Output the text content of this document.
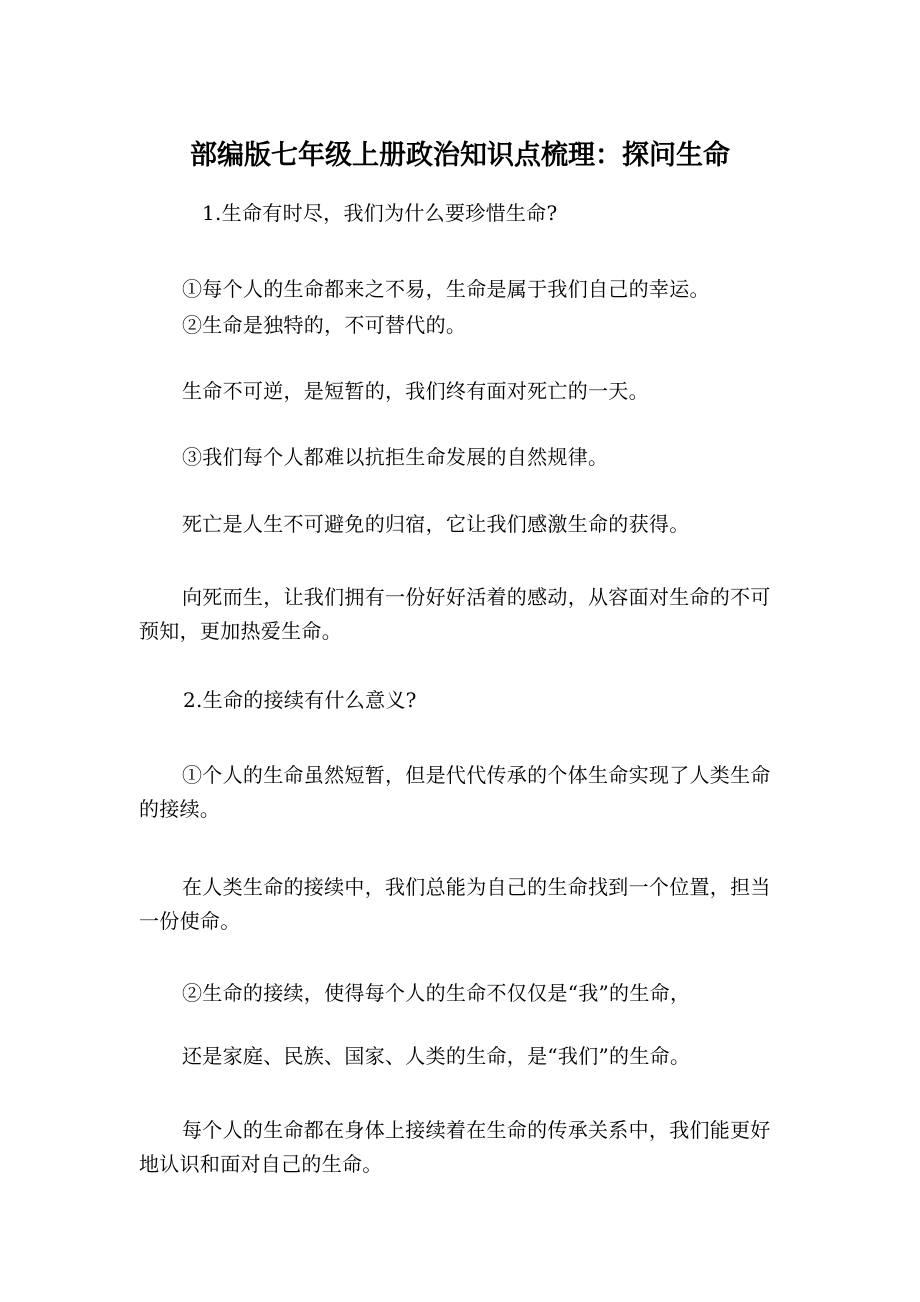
部编版七年级上册政治知识点梳理：探问生命
1.生命有时尽，我们为什么要珍惜生命?
①每个人的生命都来之不易，生命是属于我们自己的幸运。
②生命是独特的，不可替代的。
生命不可逆，是短暂的，我们终有面对死亡的一天。
③我们每个人都难以抗拒生命发展的自然规律。
死亡是人生不可避免的归宿，它让我们感激生命的获得。
向死而生，让我们拥有一份好好活着的感动，从容面对生命的不可预知，更加热爱生命。
2.生命的接续有什么意义?
①个人的生命虽然短暂，但是代代传承的个体生命实现了人类生命的接续。
在人类生命的接续中，我们总能为自己的生命找到一个位置，担当一份使命。
②生命的接续，使得每个人的生命不仅仅是“我”的生命，
还是家庭、民族、国家、人类的生命，是“我们”的生命。
每个人的生命都在身体上接续着在生命的传承关系中，我们能更好地认识和面对自己的生命。
